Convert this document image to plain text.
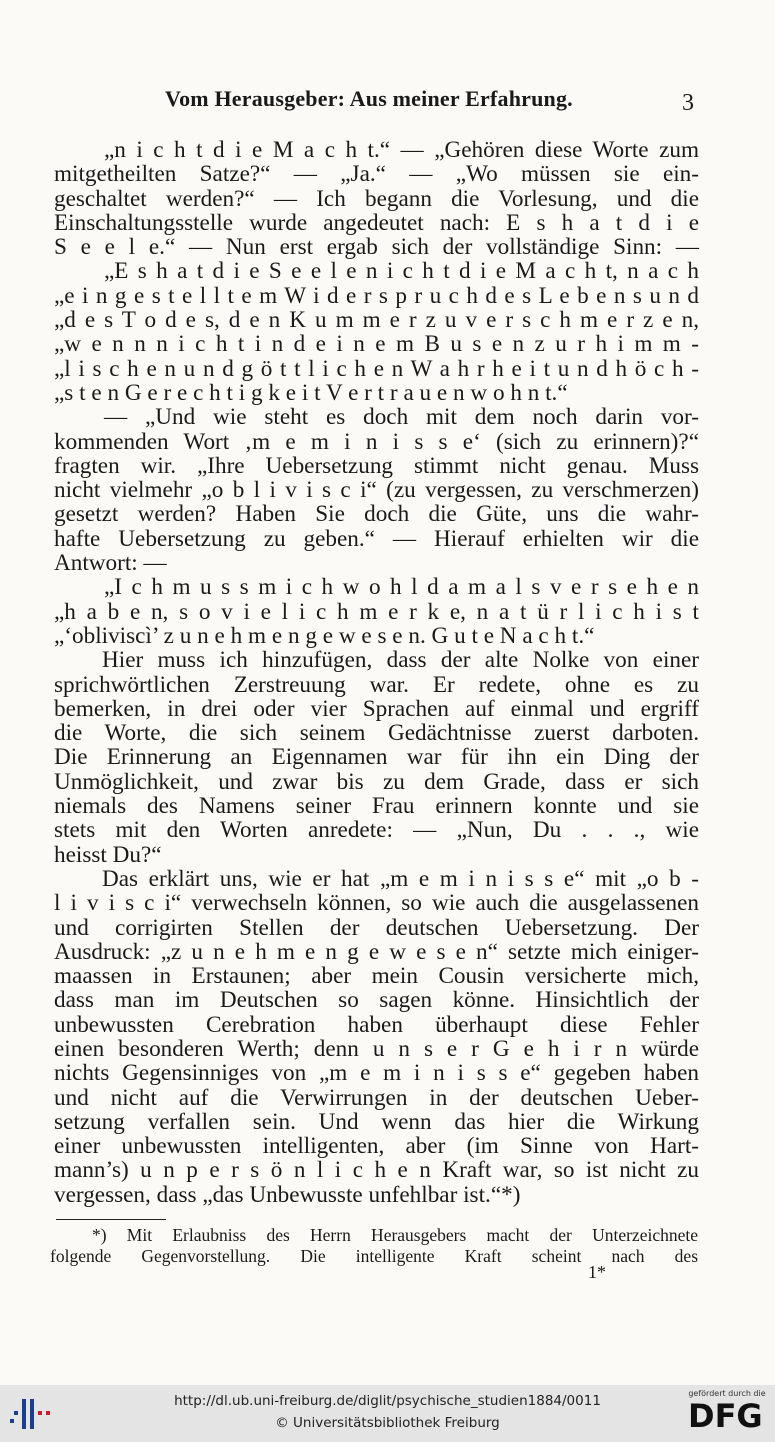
Vom Herausgeber: Aus meiner Erfahrung.	3
„n i c h t d i e M a c h t.“ — „Gehören diese Worte zum
mitgetheilten Satze?“ — „Ja.“ — „Wo müssen sie ein-
geschaltet werden?“ — Ich begann die Vorlesung, und die
Einschaltungsstelle wurde angedeutet nach: E s h a t d i e
S e e l e.“ — Nun erst ergab sich der vollständige Sinn: —
„E s h a t d i e S e e l e n i c h t d i e M a c h t, n a c h
„e i n g e s t e l l t e m W i d e r s p r u c h d e s L e b e n s u n d
„d e s T o d e s, d e n K u m m e r z u v e r s c h m e r z e n,
„w e n n n i c h t i n d e i n e m B u s e n z u r h i m m -
„l i s c h e n u n d g ö t t l i c h e n W a h r h e i t u n d h ö c h -
„s t e n G e r e c h t i g k e i t V e r t r a u e n w o h n t.“
— „Und wie steht es doch mit dem noch darin vor-
kommenden Wort ‚m e m i n i s s e‘ (sich zu erinnern)?“
fragten wir. „Ihre Uebersetzung stimmt nicht genau. Muss
nicht vielmehr „o b l i v i s c i“ (zu vergessen, zu verschmerzen)
gesetzt werden? Haben Sie doch die Güte, uns die wahr-
hafte Uebersetzung zu geben.“ — Hierauf erhielten wir die
Antwort: —
„I c h m u s s m i c h w o h l d a m a l s v e r s e h e n
„h a b e n, s o v i e l i c h m e r k e, n a t ü r l i c h i s t
„‘obliviscì’ z u n e h m e n g e w e s e n. G u t e N a c h t.“
Hier muss ich hinzufügen, dass der alte Nolke von einer
sprichwörtlichen Zerstreuung war. Er redete, ohne es zu
bemerken, in drei oder vier Sprachen auf einmal und ergriff
die Worte, die sich seinem Gedächtnisse zuerst darboten.
Die Erinnerung an Eigennamen war für ihn ein Ding der
Unmöglichkeit, und zwar bis zu dem Grade, dass er sich
niemals des Namens seiner Frau erinnern konnte und sie
stets mit den Worten anredete: — „Nun, Du . . ., wie
heisst Du?“
Das erklärt uns, wie er hat „m e m i n i s s e“ mit „o b -
l i v i s c i“ verwechseln können, so wie auch die ausgelassenen
und corrigirten Stellen der deutschen Uebersetzung. Der
Ausdruck: „z u n e h m e n g e w e s e n“ setzte mich einiger-
maassen in Erstaunen; aber mein Cousin versicherte mich,
dass man im Deutschen so sagen könne. Hinsichtlich der
unbewussten Cerebration haben überhaupt diese Fehler
einen besonderen Werth; denn u n s e r G e h i r n würde
nichts Gegensinniges von „m e m i n i s s e“ gegeben haben
und nicht auf die Verwirrungen in der deutschen Ueber-
setzung verfallen sein. Und wenn das hier die Wirkung
einer unbewussten intelligenten, aber (im Sinne von Hart-
mann’s) u n p e r s ö n l i c h e n Kraft war, so ist nicht zu
vergessen, dass „das Unbewusste unfehlbar ist.“*)
*) Mit Erlaubniss des Herrn Herausgebers macht der Unterzeichnete
folgende Gegenvorstellung. Die intelligente Kraft scheint nach des
1*
http://dl.ub.uni-freiburg.de/diglit/psychische_studien1884/0011
© Universitätsbibliothek Freiburg
gefördert durch die
DFG
